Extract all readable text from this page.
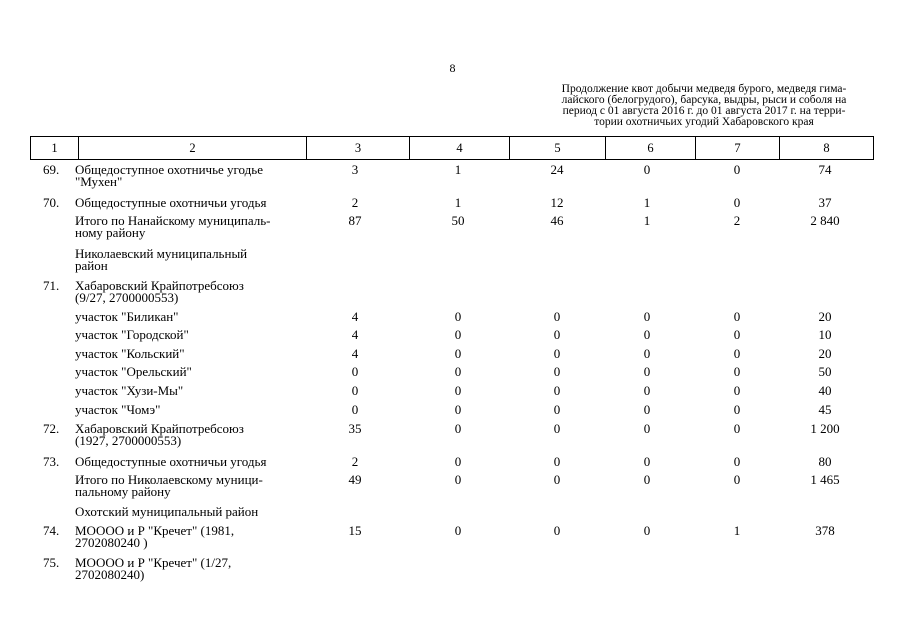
8
Продолжение квот добычи медведя бурого, медведя гима-
лайского (белогрудого), барсука, выдры, рыси и соболя на
период с 01 августа 2016 г. до 01 августа 2017 г. на терри-
тории охотничьих угодий Хабаровского края
1	2	3	4	5	6	7	8
69. Общедоступное охотничье угодье
"Мухен"
3	1	24	0	0	74
70. Общедоступные охотничьи угодья	2	1	12	1	0	37
Итого по Нанайскому муниципаль-
ному району
87	50	46	1	2	2 840
Николаевский муниципальный
район
71. Хабаровский Крайпотребсоюз
(9/27, 2700000553)
участок "Биликан"	4	0	0	0	0	20
участок "Городской"	4	0	0	0	0	10
участок "Кольский"	4	0	0	0	0	20
участок "Орельский"	0	0	0	0	0	50
участок "Хузи-Мы"	0	0	0	0	0	40
участок "Чомэ"	0	0	0	0	0	45
72. Хабаровский Крайпотребсоюз
(1927, 2700000553)
35	0	0	0	0	1 200
73. Общедоступные охотничьи угодья	2	0	0	0	0	80
Итого по Николаевскому муници-
пальному району
49	0	0	0	0	1 465
Охотский муниципальный район
74. МОООО и Р "Кречет" (1981,
2702080240 )
15	0	0	0	1	378
75. МОООО и Р "Кречет" (1/27,
2702080240)
